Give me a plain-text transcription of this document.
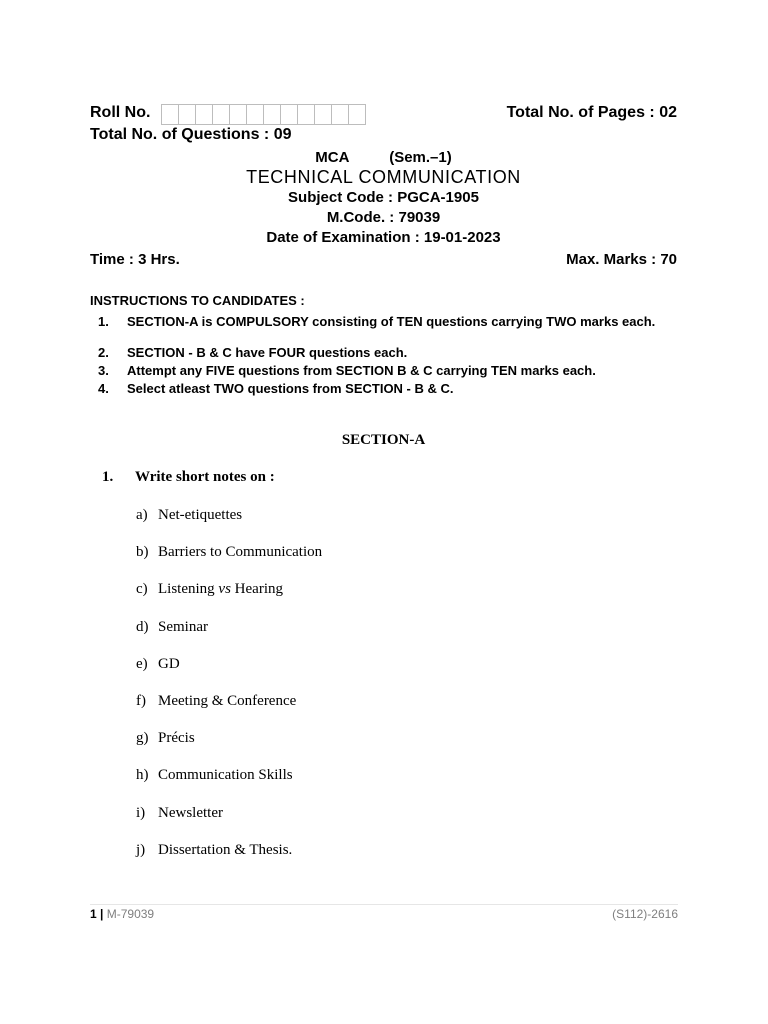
Roll No.	Total No. of Pages : 02
Total No. of Questions : 09
MCA	(Sem.–1)
TECHNICAL COMMUNICATION
Subject Code : PGCA-1905
M.Code. : 79039
Date of Examination : 19-01-2023
Time : 3 Hrs.	Max. Marks : 70
INSTRUCTIONS TO CANDIDATES :
1.	SECTION-A is COMPULSORY consisting of TEN questions carrying TWO marks each.
2.	SECTION - B & C have FOUR questions each.
3.	Attempt any FIVE questions from SECTION B & C carrying TEN marks each.
4.	Select atleast TWO questions from SECTION - B & C.
SECTION-A
1.	Write short notes on :
a) Net-etiquettes
b) Barriers to Communication
c) Listening vs Hearing
d) Seminar
e) GD
f) Meeting & Conference
g) Précis
h) Communication Skills
i) Newsletter
j) Dissertation & Thesis.
1 | M-79039	(S112)-2616
